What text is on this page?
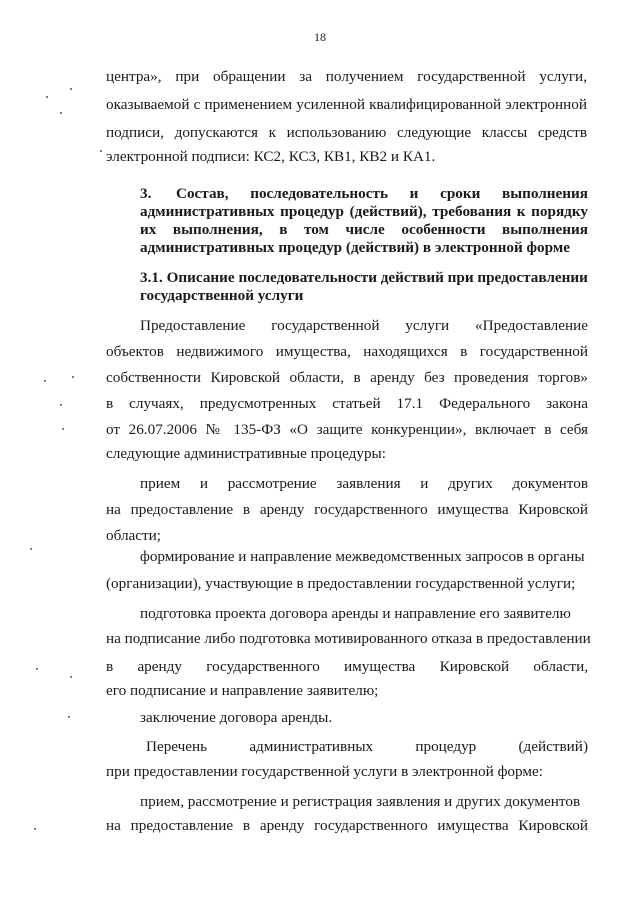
18
центра», при обращении за получением государственной услуги,
оказываемой с применением усиленной квалифицированной электронной
подписи, допускаются к использованию следующие классы средств
электронной подписи: КС2, КС3, КВ1, КВ2 и КА1.
3. Состав, последовательность и сроки выполнения
административных процедур (действий), требования к порядку
их выполнения, в том числе особенности выполнения
административных процедур (действий) в электронной форме
3.1. Описание последовательности действий при предоставлении
государственной услуги
Предоставление государственной услуги «Предоставление
объектов недвижимого имущества, находящихся в государственной
собственности Кировской области, в аренду без проведения торгов»
в случаях, предусмотренных статьей 17.1 Федерального закона
от 26.07.2006 № 135-ФЗ «О защите конкуренции», включает в себя
следующие административные процедуры:
прием и рассмотрение заявления и других документов
на предоставление в аренду государственного имущества Кировской
области;
формирование и направление межведомственных запросов в органы
(организации), участвующие в предоставлении государственной услуги;
подготовка проекта договора аренды и направление его заявителю
на подписание либо подготовка мотивированного отказа в предоставлении
в аренду государственного имущества Кировской области,
его подписание и направление заявителю;
заключение договора аренды.
Перечень административных процедур (действий)
при предоставлении государственной услуги в электронной форме:
прием, рассмотрение и регистрация заявления и других документов
на предоставление в аренду государственного имущества Кировской
